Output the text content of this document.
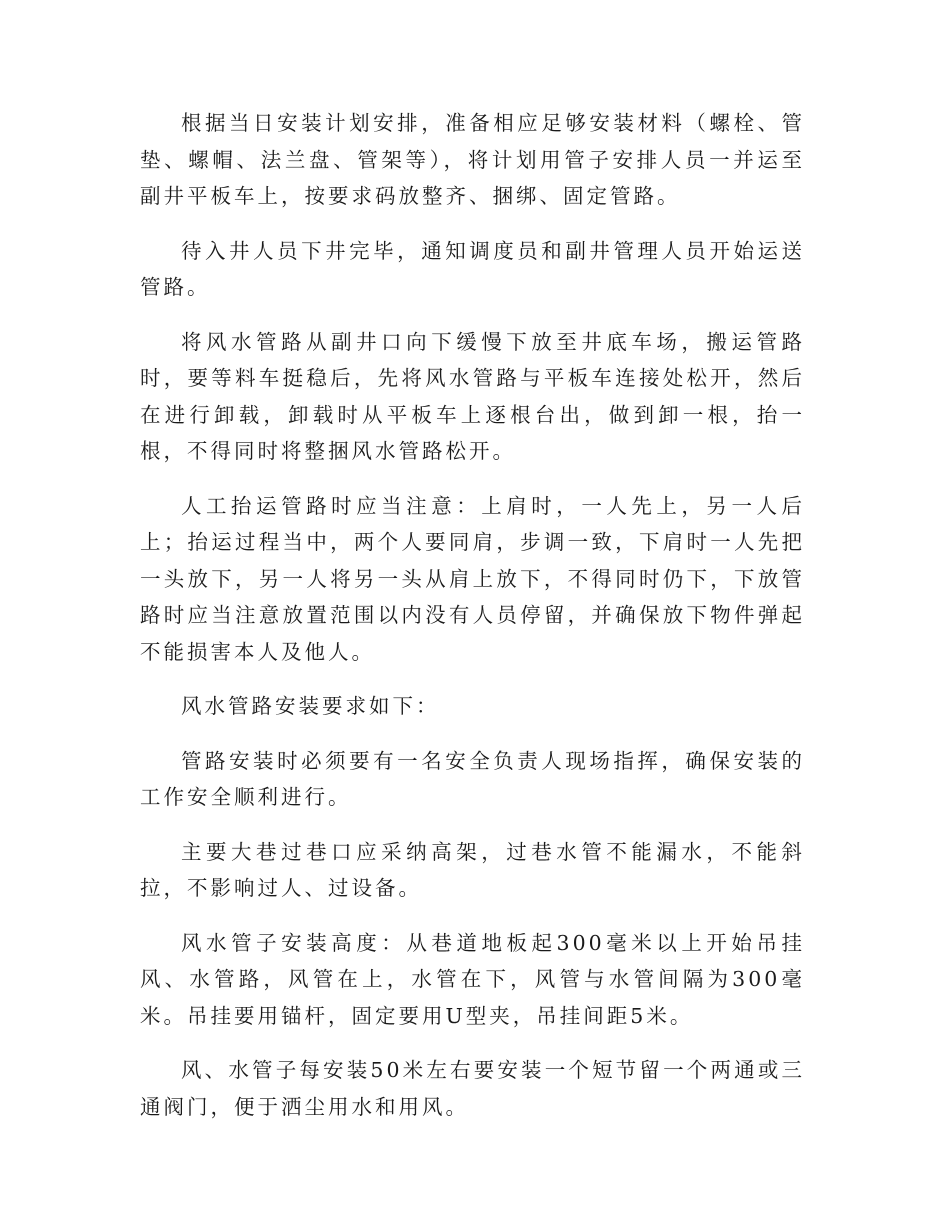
根据当日安装计划安排，准备相应足够安装材料（螺栓、管垫、螺帽、法兰盘、管架等），将计划用管子安排人员一并运至副井平板车上，按要求码放整齐、捆绑、固定管路。

待入井人员下井完毕，通知调度员和副井管理人员开始运送管路。

将风水管路从副井口向下缓慢下放至井底车场，搬运管路时，要等料车挺稳后，先将风水管路与平板车连接处松开，然后在进行卸载，卸载时从平板车上逐根台出，做到卸一根，抬一根，不得同时将整捆风水管路松开。

人工抬运管路时应当注意：上肩时，一人先上，另一人后上；抬运过程当中，两个人要同肩，步调一致，下肩时一人先把一头放下，另一人将另一头从肩上放下，不得同时仍下，下放管路时应当注意放置范围以内没有人员停留，并确保放下物件弹起不能损害本人及他人。

风水管路安装要求如下：

管路安装时必须要有一名安全负责人现场指挥，确保安装的工作安全顺利进行。

主要大巷过巷口应采纳高架，过巷水管不能漏水，不能斜拉，不影响过人、过设备。

风水管子安装高度：从巷道地板起300毫米以上开始吊挂风、水管路，风管在上，水管在下，风管与水管间隔为300毫米。吊挂要用锚杆，固定要用U型夹，吊挂间距5米。

风、水管子每安装50米左右要安装一个短节留一个两通或三通阀门，便于洒尘用水和用风。
